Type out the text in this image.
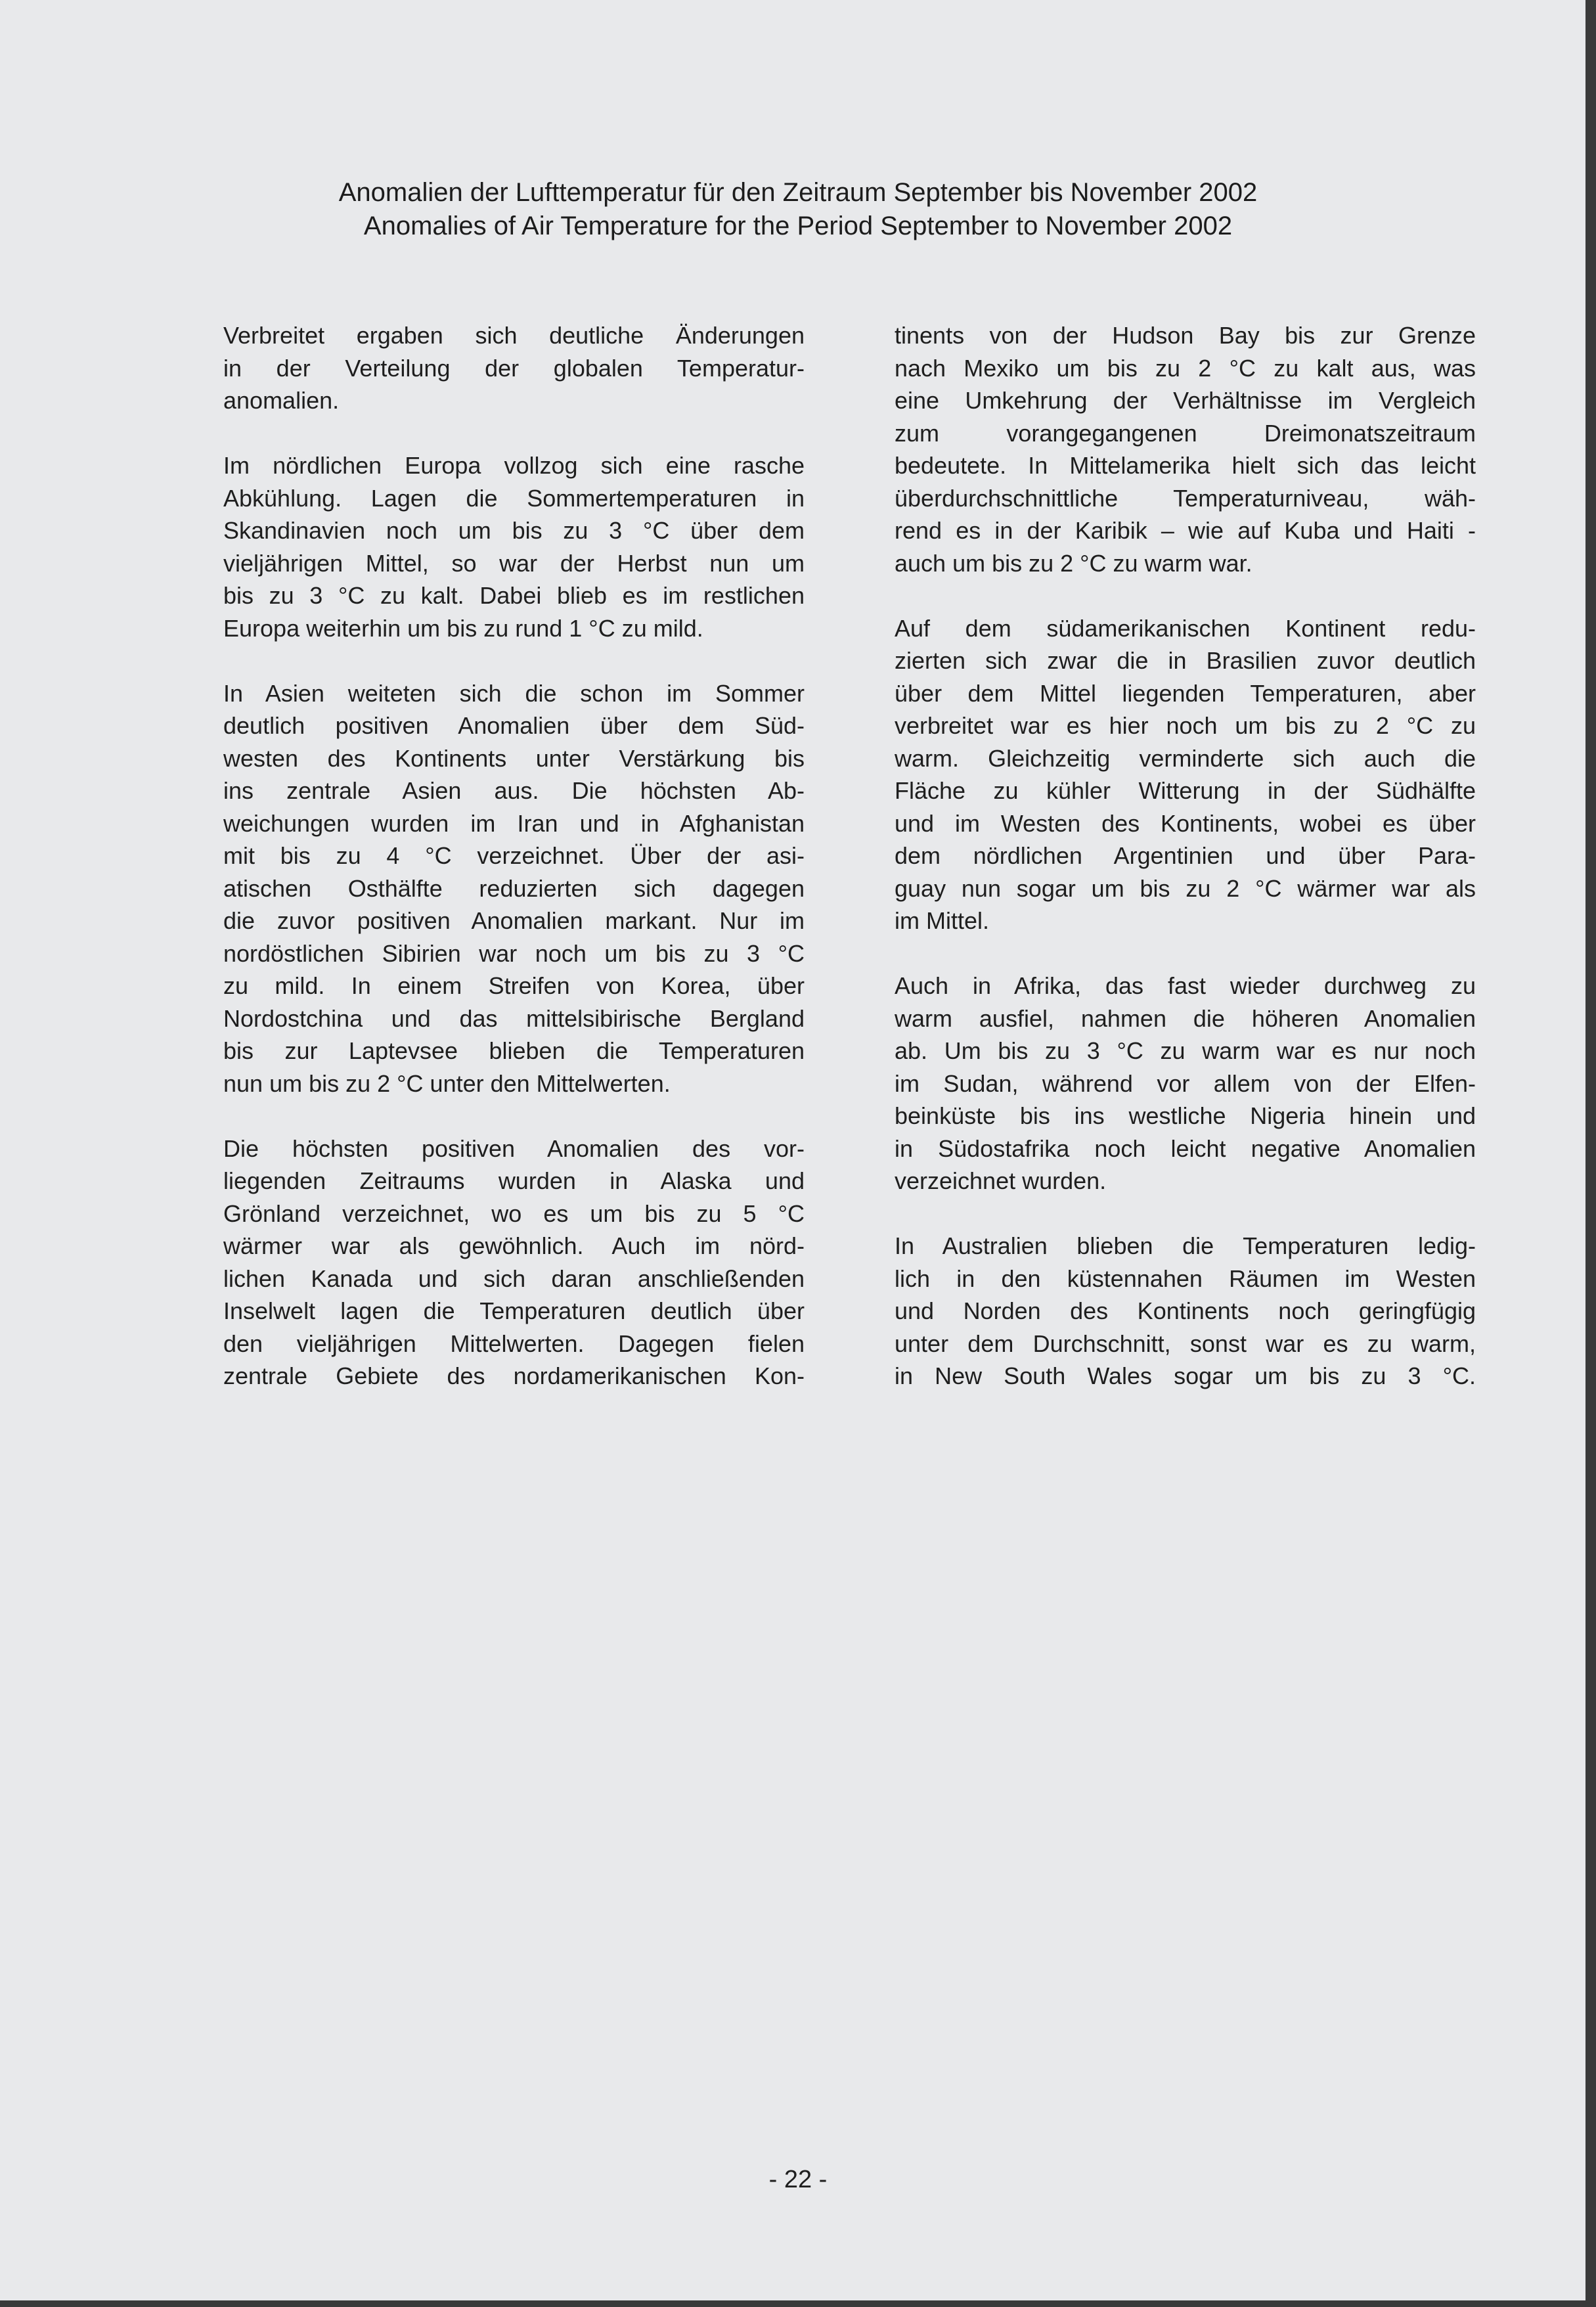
Anomalien der Lufttemperatur für den Zeitraum September bis November 2002
Anomalies of Air Temperature for the Period September to November 2002
Verbreitet ergaben sich deutliche Änderungen
in der Verteilung der globalen Temperatur-
anomalien.
Im nördlichen Europa vollzog sich eine rasche
Abkühlung. Lagen die Sommertemperaturen in
Skandinavien noch um bis zu 3 °C über dem
vieljährigen Mittel, so war der Herbst nun um
bis zu 3 °C zu kalt. Dabei blieb es im restlichen
Europa weiterhin um bis zu rund 1 °C zu mild.
In Asien weiteten sich die schon im Sommer
deutlich positiven Anomalien über dem Süd-
westen des Kontinents unter Verstärkung bis
ins zentrale Asien aus. Die höchsten Ab-
weichungen wurden im Iran und in Afghanistan
mit bis zu 4 °C verzeichnet. Über der asi-
atischen Osthälfte reduzierten sich dagegen
die zuvor positiven Anomalien markant. Nur im
nordöstlichen Sibirien war noch um bis zu 3 °C
zu mild. In einem Streifen von Korea, über
Nordostchina und das mittelsibirische Bergland
bis zur Laptevsee blieben die Temperaturen
nun um bis zu 2 °C unter den Mittelwerten.
Die höchsten positiven Anomalien des vor-
liegenden Zeitraums wurden in Alaska und
Grönland verzeichnet, wo es um bis zu 5 °C
wärmer war als gewöhnlich. Auch im nörd-
lichen Kanada und sich daran anschließenden
Inselwelt lagen die Temperaturen deutlich über
den vieljährigen Mittelwerten. Dagegen fielen
zentrale Gebiete des nordamerikanischen Kon-
tinents von der Hudson Bay bis zur Grenze
nach Mexiko um bis zu 2 °C zu kalt aus, was
eine Umkehrung der Verhältnisse im Vergleich
zum vorangegangenen Dreimonatszeitraum
bedeutete. In Mittelamerika hielt sich das leicht
überdurchschnittliche Temperaturniveau, wäh-
rend es in der Karibik – wie auf Kuba und Haiti -
auch um bis zu 2 °C zu warm war.
Auf dem südamerikanischen Kontinent redu-
zierten sich zwar die in Brasilien zuvor deutlich
über dem Mittel liegenden Temperaturen, aber
verbreitet war es hier noch um bis zu 2 °C zu
warm. Gleichzeitig verminderte sich auch die
Fläche zu kühler Witterung in der Südhälfte
und im Westen des Kontinents, wobei es über
dem nördlichen Argentinien und über Para-
guay nun sogar um bis zu 2 °C wärmer war als
im Mittel.
Auch in Afrika, das fast wieder durchweg zu
warm ausfiel, nahmen die höheren Anomalien
ab. Um bis zu 3 °C zu warm war es nur noch
im Sudan, während vor allem von der Elfen-
beinküste bis ins westliche Nigeria hinein und
in Südostafrika noch leicht negative Anomalien
verzeichnet wurden.
In Australien blieben die Temperaturen ledig-
lich in den küstennahen Räumen im Westen
und Norden des Kontinents noch geringfügig
unter dem Durchschnitt, sonst war es zu warm,
in New South Wales sogar um bis zu 3 °C.
- 22 -
